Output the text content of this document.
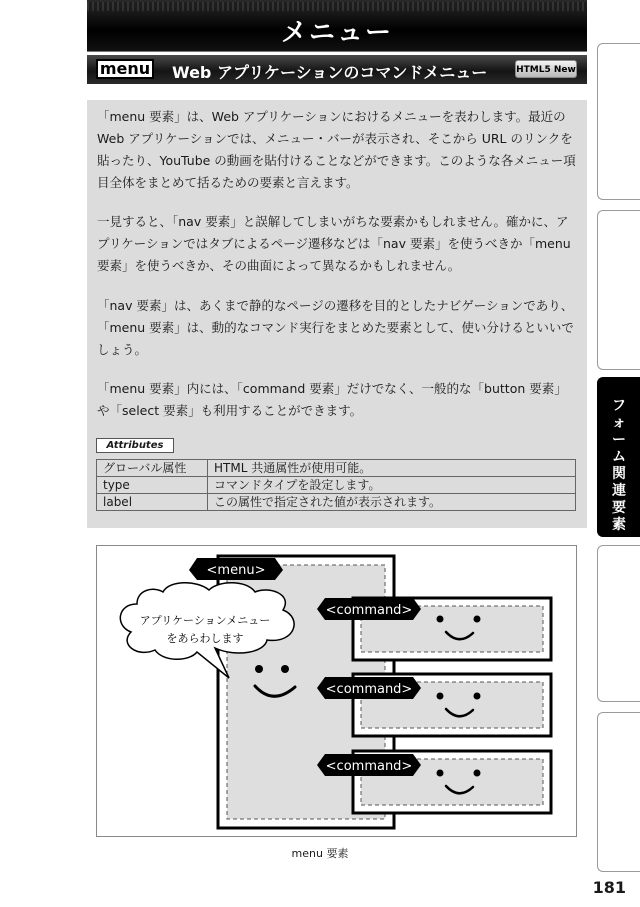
メニュー
menu Web アプリケーションのコマンドメニュー	HTML5 New

「menu 要素」は、Web アプリケーションにおけるメニューを表わします。最近の Web アプリケーションでは、メニュー・バーが表示され、そこから URL のリンクを貼ったり、YouTube の動画を貼付けることなどができます。このような各メニュー項目全体をまとめて括るための要素と言えます。

一見すると、「nav 要素」と誤解してしまいがちな要素かもしれません。確かに、アプリケーションではタブによるページ遷移などは「nav 要素」を使うべきか「menu 要素」を使うべきか、その曲面によって異なるかもしれません。

「nav 要素」は、あくまで静的なページの遷移を目的としたナビゲーションであり、「menu 要素」は、動的なコマンド実行をまとめた要素として、使い分けるといいでしょう。

「menu 要素」内には、「command 要素」だけでなく、一般的な「button 要素」や「select 要素」も利用することができます。

Attributes
グローバル属性	HTML 共通属性が使用可能。
type	コマンドタイプを設定します。
label	この属性で指定された値が表示されます。
<menu>
<command>
<command>
<command>
アプリケーションメニュー
をあらわします
menu 要素
フ
ォ
ー
ム
関
連
要
素
181
